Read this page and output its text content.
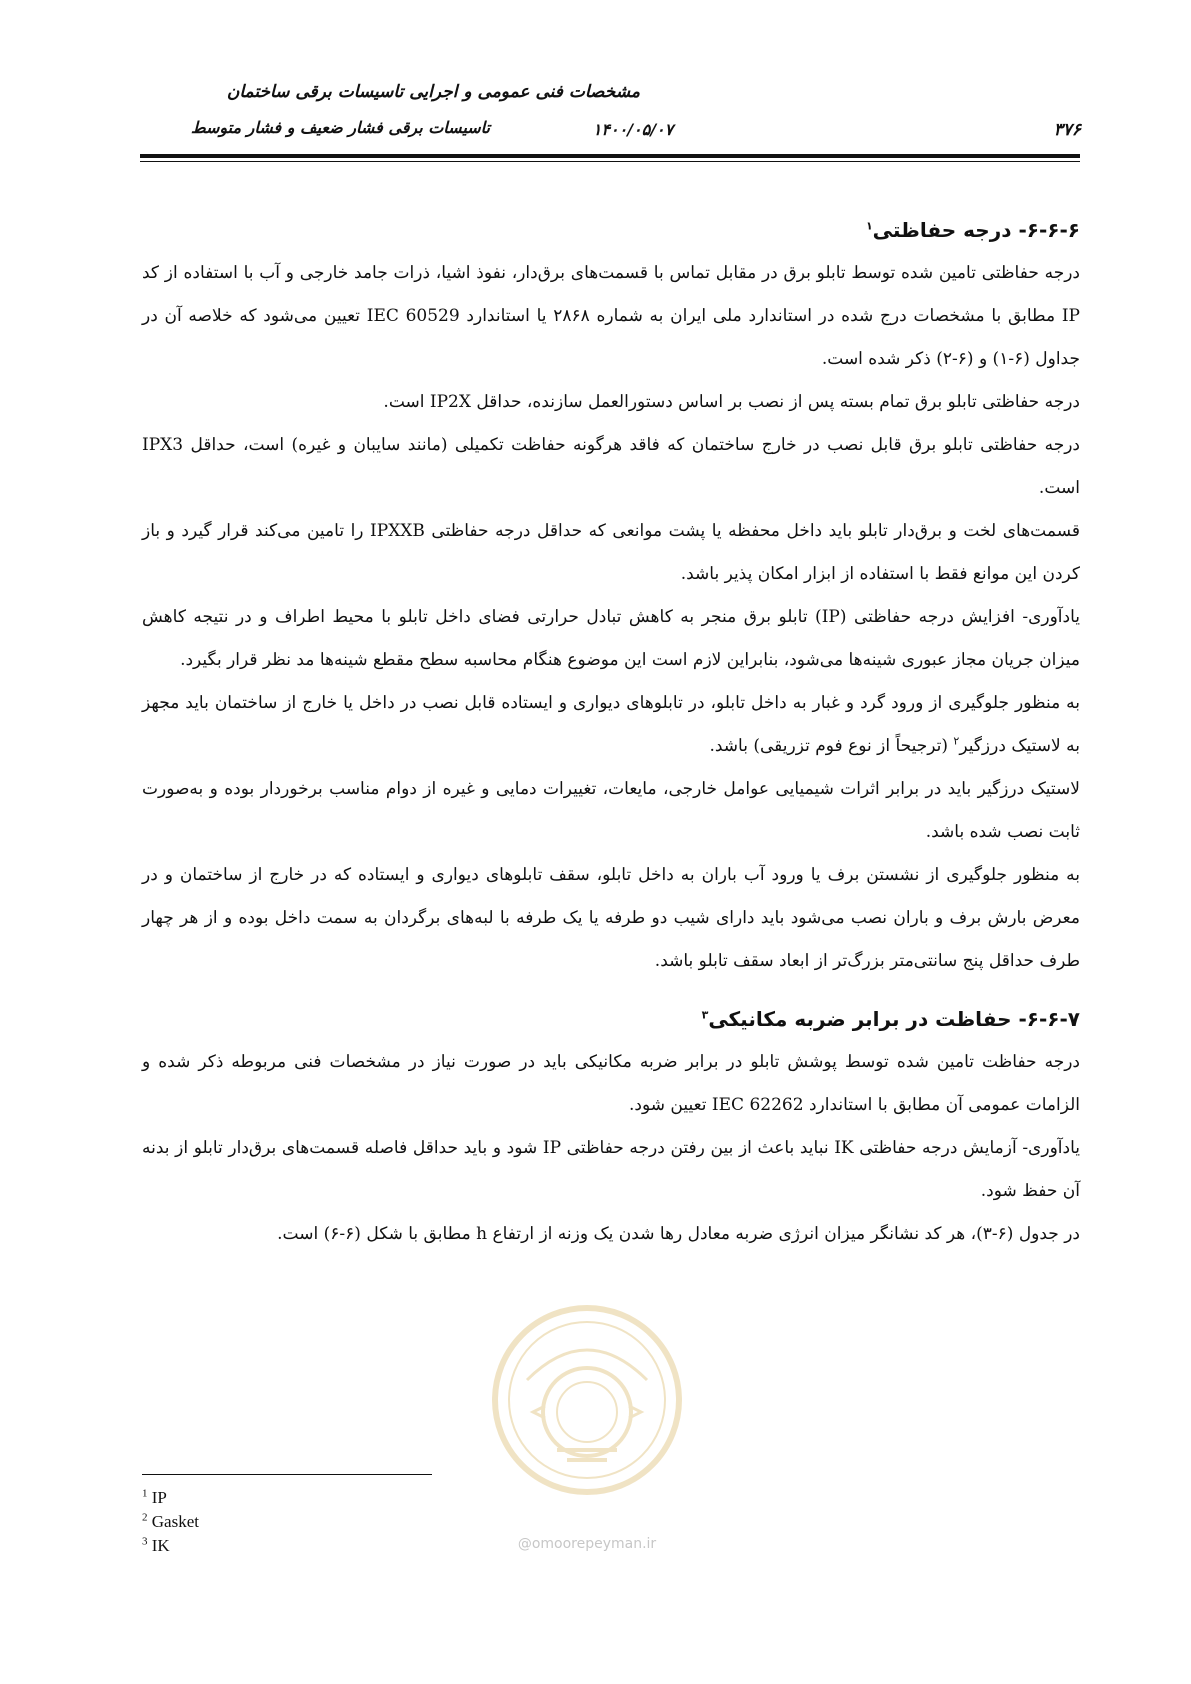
مشخصات فنی عمومی و اجرایی تاسیسات برقی ساختمان
تاسیسات برقی فشار ضعیف و فشار متوسط	۱۴۰۰/۰۵/۰۷	۳۷۶
۶-۶-۶- درجه حفاظتی$^۱$

درجه حفاظتی تامین شده توسط تابلو برق در مقابل تماس با قسمت‌های برق‌دار، نفوذ اشیا، ذرات جامد خارجی و آب با استفاده از کد IP مطابق با مشخصات درج شده در استاندارد ملی ایران به شماره ۲۸۶۸ یا استاندارد IEC 60529 تعیین می‌شود که خلاصه آن در جداول (۶-۱) و (۶-۲) ذکر شده است.

درجه حفاظتی تابلو برق تمام بسته پس از نصب بر اساس دستورالعمل سازنده، حداقل IP2X است.

درجه حفاظتی تابلو برق قابل نصب در خارج ساختمان که فاقد هرگونه حفاظت تکمیلی (مانند سایبان و غیره) است، حداقل IPX3 است.

قسمت‌های لخت و برق‌دار تابلو باید داخل محفظه یا پشت موانعی که حداقل درجه حفاظتی IPXXB را تامین می‌کند قرار گیرد و باز کردن این موانع فقط با استفاده از ابزار امکان پذیر باشد.

یادآوری- افزایش درجه حفاظتی (IP) تابلو برق منجر به کاهش تبادل حرارتی فضای داخل تابلو با محیط اطراف و در نتیجه کاهش میزان جریان مجاز عبوری شینه‌ها می‌شود، بنابراین لازم است این موضوع هنگام محاسبه سطح مقطع شینه‌ها مد نظر قرار بگیرد.

به منظور جلوگیری از ورود گرد و غبار به داخل تابلو، در تابلوهای دیواری و ایستاده قابل نصب در داخل یا خارج از ساختمان باید مجهز به لاستیک درزگیر$^۲$ (ترجیحاً از نوع فوم تزریقی) باشد.

لاستیک درزگیر باید در برابر اثرات شیمیایی عوامل خارجی، مایعات، تغییرات دمایی و غیره از دوام مناسب برخوردار بوده و به‌صورت ثابت نصب شده باشد.

به منظور جلوگیری از نشستن برف یا ورود آب باران به داخل تابلو، سقف تابلوهای دیواری و ایستاده که در خارج از ساختمان و در معرض بارش برف و باران نصب می‌شود باید دارای شیب دو طرفه یا یک طرفه با لبه‌های برگردان به سمت داخل بوده و از هر چهار طرف حداقل پنج سانتی‌متر بزرگ‌تر از ابعاد سقف تابلو باشد.

۶-۶-۷- حفاظت در برابر ضربه مکانیکی$^۳$

درجه حفاظت تامین شده توسط پوشش تابلو در برابر ضربه مکانیکی باید در صورت نیاز در مشخصات فنی مربوطه ذکر شده و الزامات عمومی آن مطابق با استاندارد IEC 62262 تعیین شود.

یادآوری- آزمایش درجه حفاظتی IK نباید باعث از بین رفتن درجه حفاظتی IP شود و باید حداقل فاصله قسمت‌های برق‌دار تابلو از بدنه آن حفظ شود.

در جدول (۶-۳)، هر کد نشانگر میزان انرژی ضربه معادل رها شدن یک وزنه از ارتفاع h مطابق با شکل (۶-۶) است.

@omoorepeyman.ir

$^1$ IP

$^2$ Gasket

$^3$ IK
